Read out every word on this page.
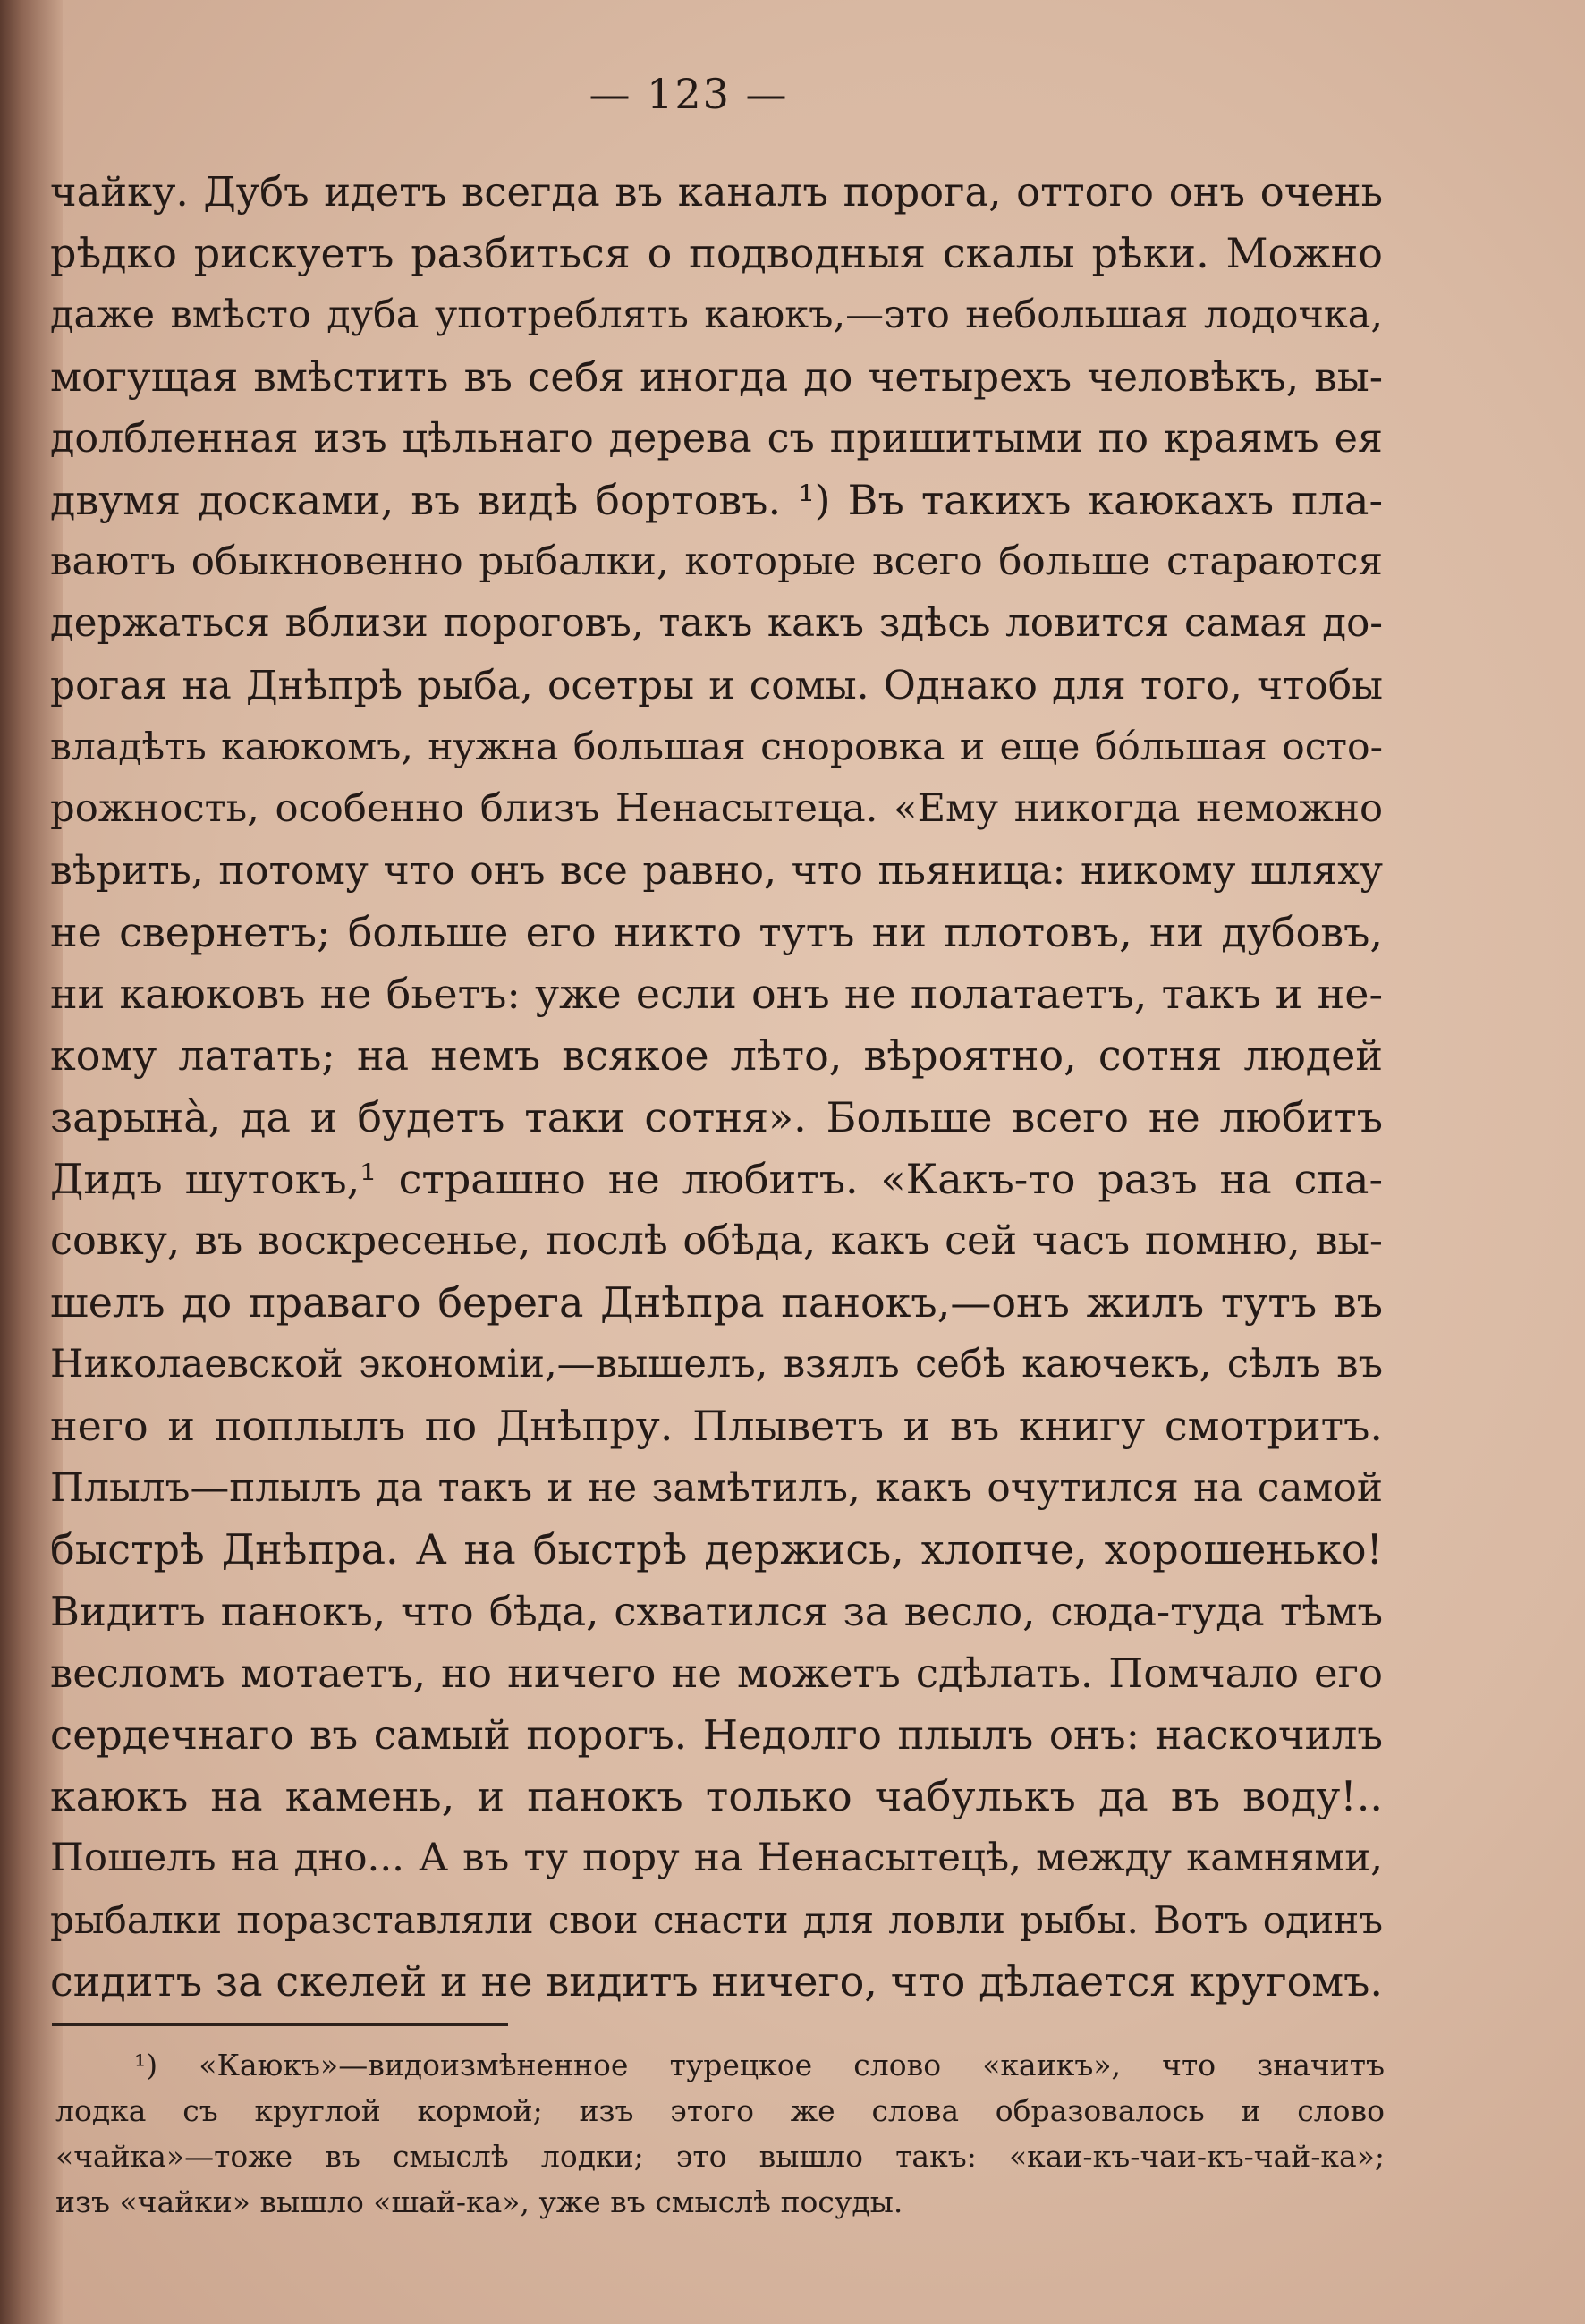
— 123 —
чайку. Дубъ идетъ всегда въ каналъ порога, оттого онъ очень
рѣдко рискуетъ разбиться о подводныя скалы рѣки. Можно
даже вмѣсто дуба употреблять каюкъ,—это небольшая лодочка,
могущая вмѣстить въ себя иногда до четырехъ человѣкъ, вы-
долбленная изъ цѣльнаго дерева съ пришитыми по краямъ ея
двумя досками, въ видѣ бортовъ. ¹) Въ такихъ каюкахъ пла-
ваютъ обыкновенно рыбалки, которые всего больше стараются
держаться вблизи пороговъ, такъ какъ здѣсь ловится самая до-
рогая на Днѣпрѣ рыба, осетры и сомы. Однако для того, чтобы
владѣть каюкомъ, нужна большая сноровка и еще бо́льшая осто-
рожность, особенно близъ Ненасытеца. «Ему никогда неможно
вѣрить, потому что онъ все равно, что пьяница: никому шляху
не свернетъ; больше его никто тутъ ни плотовъ, ни дубовъ,
ни каюковъ не бьетъ: уже если онъ не полатаетъ, такъ и не-
кому латать; на немъ всякое лѣто, вѣроятно, сотня людей
зарына̀, да и будетъ таки сотня». Больше всего не любитъ
Дидъ шутокъ,¹ страшно не любитъ. «Какъ-то разъ на спа-
совку, въ воскресенье, послѣ обѣда, какъ сей часъ помню, вы-
шелъ до праваго берега Днѣпра панокъ,—онъ жилъ тутъ въ
Николаевской экономіи,—вышелъ, взялъ себѣ каючекъ, сѣлъ въ
него и поплылъ по Днѣпру. Плыветъ и въ книгу смотритъ.
Плылъ—плылъ да такъ и не замѣтилъ, какъ очутился на самой
быстрѣ Днѣпра. А на быстрѣ держись, хлопче, хорошенько!
Видитъ панокъ, что бѣда, схватился за весло, сюда-туда тѣмъ
весломъ мотаетъ, но ничего не можетъ сдѣлать. Помчало его
сердечнаго въ самый порогъ. Недолго плылъ онъ: наскочилъ
каюкъ на камень, и панокъ только чабулькъ да въ воду!..
Пошелъ на дно... А въ ту пору на Ненасытецѣ, между камнями,
рыбалки поразставляли свои снасти для ловли рыбы. Вотъ одинъ
сидитъ за скелей и не видитъ ничего, что дѣлается кругомъ.
¹) «Каюкъ»—видоизмѣненное турецкое слово «каикъ», что значитъ
лодка съ круглой кормой; изъ этого же слова образовалось и слово
«чайка»—тоже въ смыслѣ лодки; это вышло такъ: «каи-къ-чаи-къ-чай-ка»;
изъ «чайки» вышло «шай-ка», уже въ смыслѣ посуды.
